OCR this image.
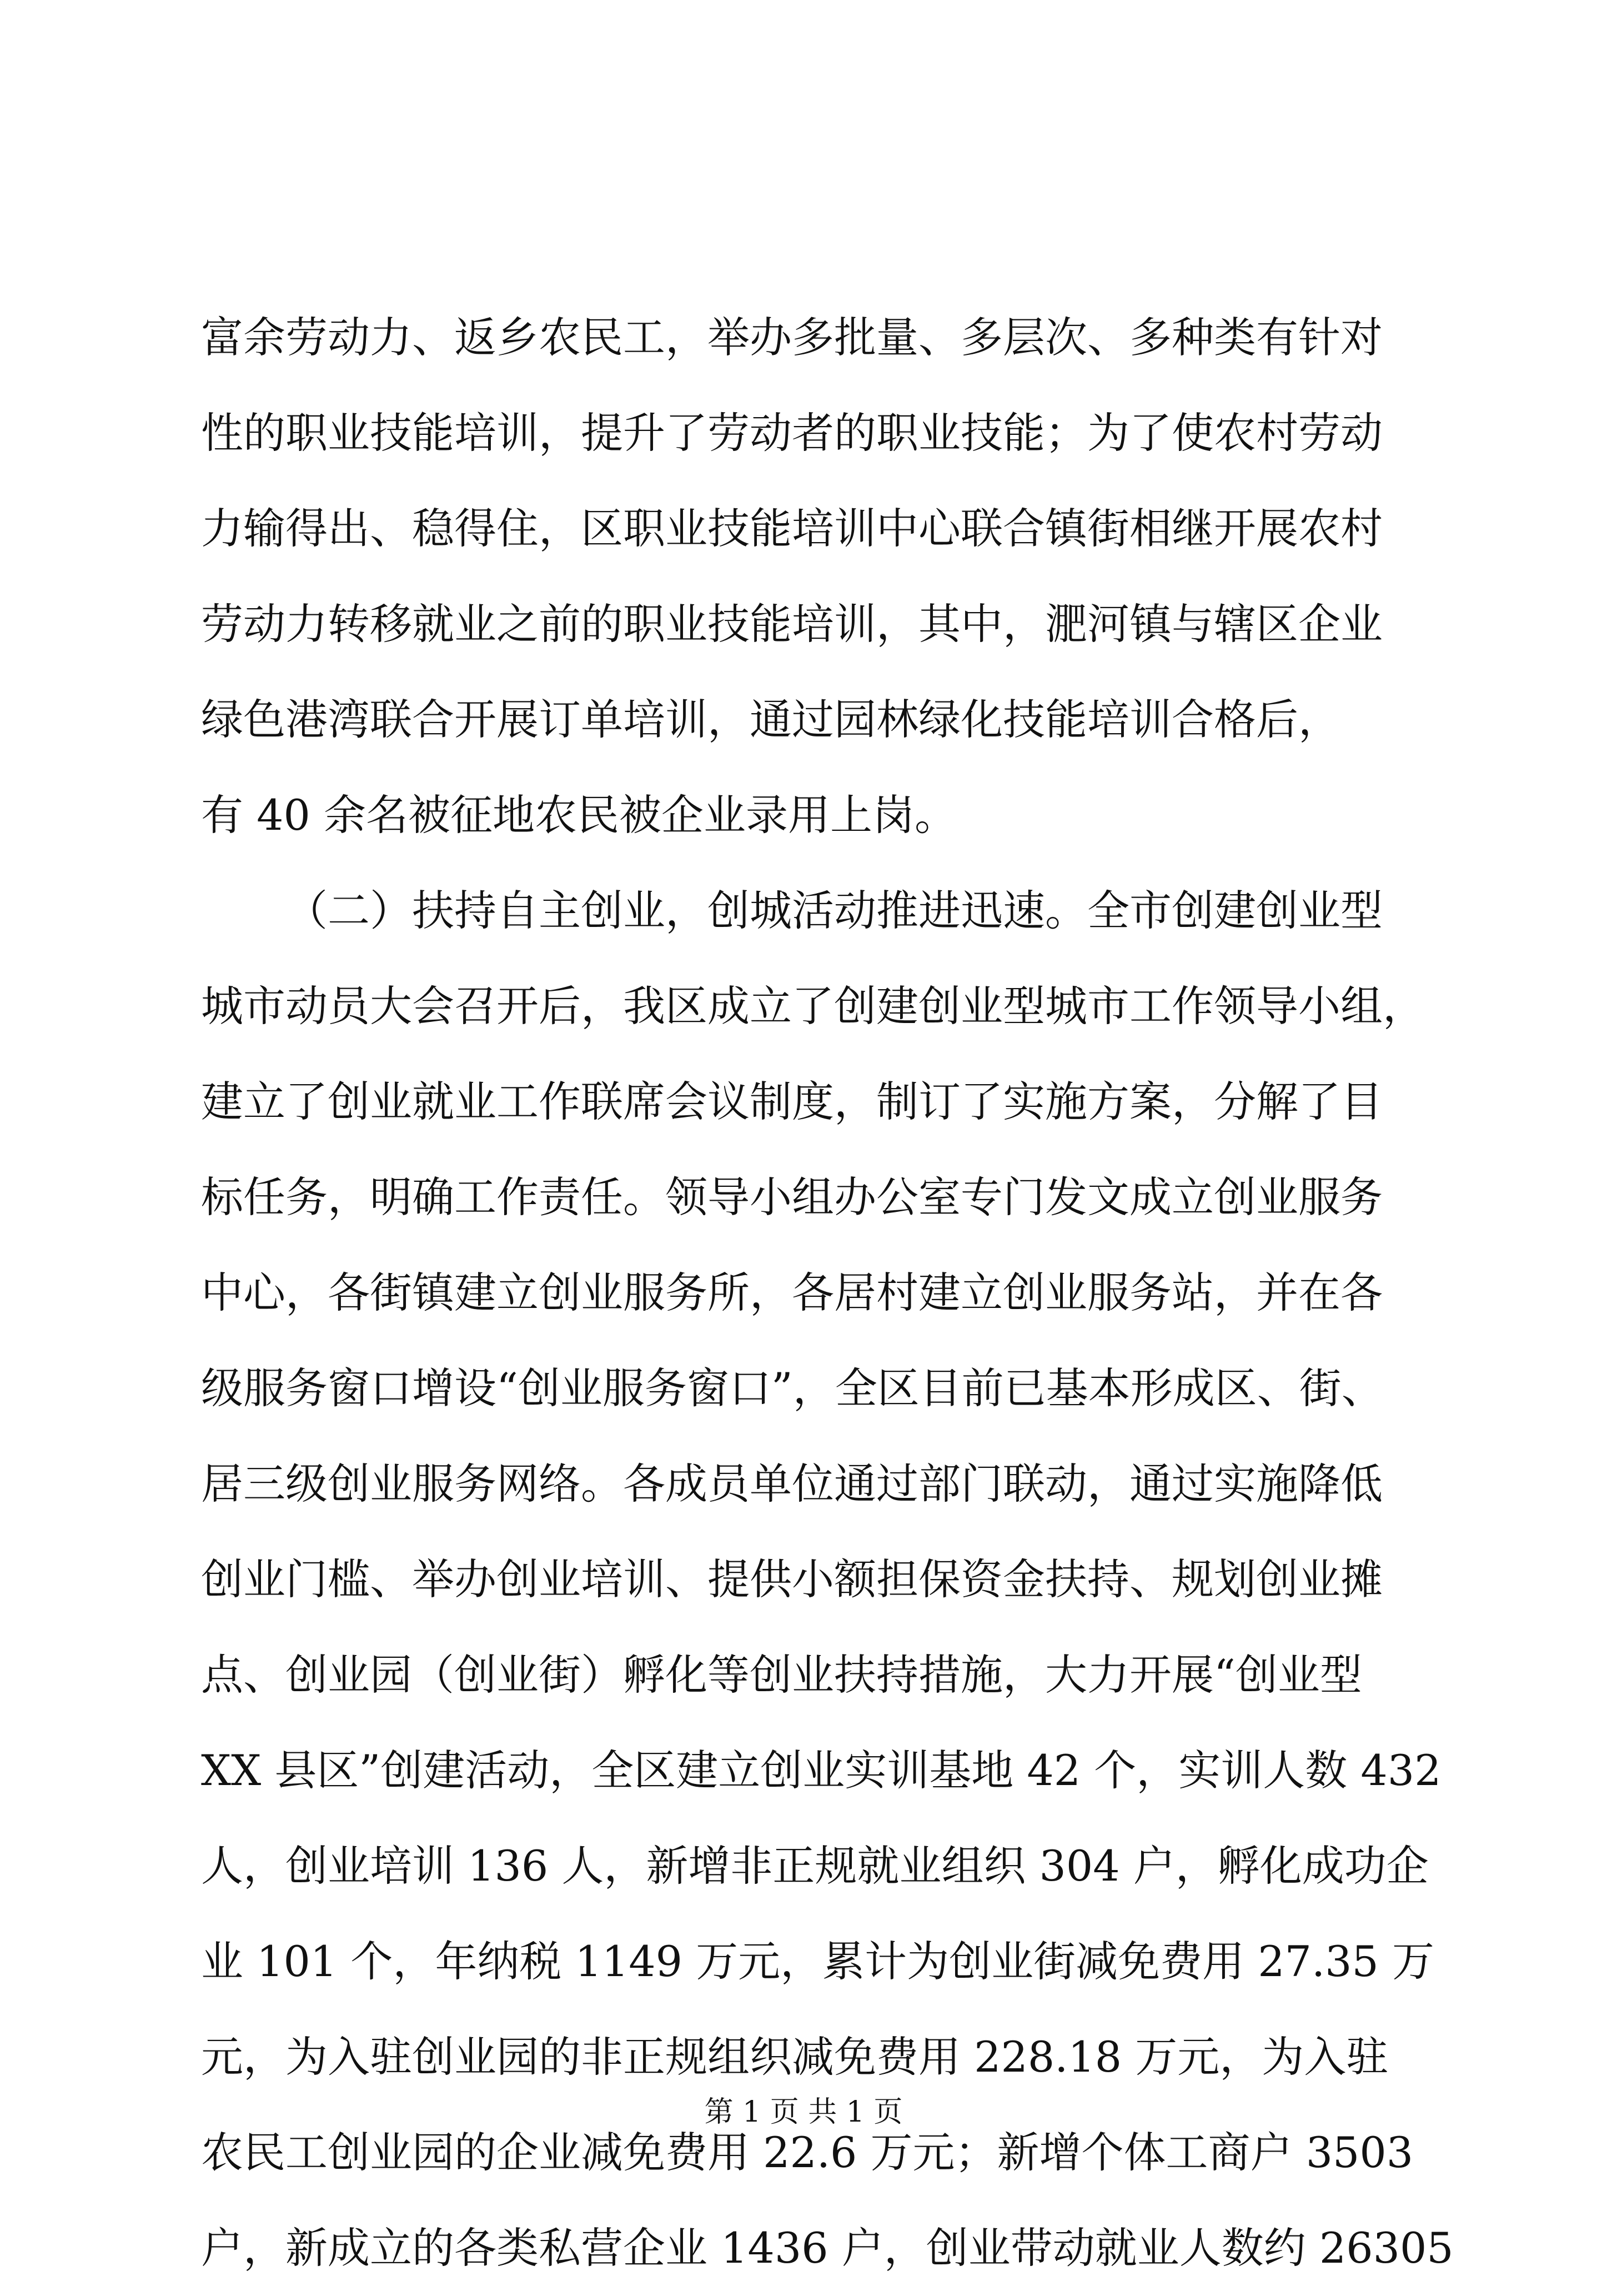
富余劳动力、返乡农民工，举办多批量、多层次、多种类有针对
性的职业技能培训，提升了劳动者的职业技能；为了使农村劳动
力输得出、稳得住，区职业技能培训中心联合镇街相继开展农村
劳动力转移就业之前的职业技能培训，其中，淝河镇与辖区企业
绿色港湾联合开展订单培训，通过园林绿化技能培训合格后，
有 40 余名被征地农民被企业录用上岗。
（二）扶持自主创业，创城活动推进迅速。全市创建创业型
城市动员大会召开后，我区成立了创建创业型城市工作领导小组，
建立了创业就业工作联席会议制度，制订了实施方案，分解了目
标任务，明确工作责任。领导小组办公室专门发文成立创业服务
中心，各街镇建立创业服务所，各居村建立创业服务站，并在各
级服务窗口增设“创业服务窗口”，全区目前已基本形成区、街、
居三级创业服务网络。各成员单位通过部门联动，通过实施降低
创业门槛、举办创业培训、提供小额担保资金扶持、规划创业摊
点、创业园（创业街）孵化等创业扶持措施，大力开展“创业型
XX 县区”创建活动，全区建立创业实训基地 42 个，实训人数 432
人，创业培训 136 人，新增非正规就业组织 304 户，孵化成功企
业 101 个，年纳税 1149 万元，累计为创业街减免费用 27.35 万
元，为入驻创业园的非正规组织减免费用 228.18 万元，为入驻
农民工创业园的企业减免费用 22.6 万元；新增个体工商户 3503
户，新成立的各类私营企业 1436 户，创业带动就业人数约 26305
第 1 页 共 1 页
